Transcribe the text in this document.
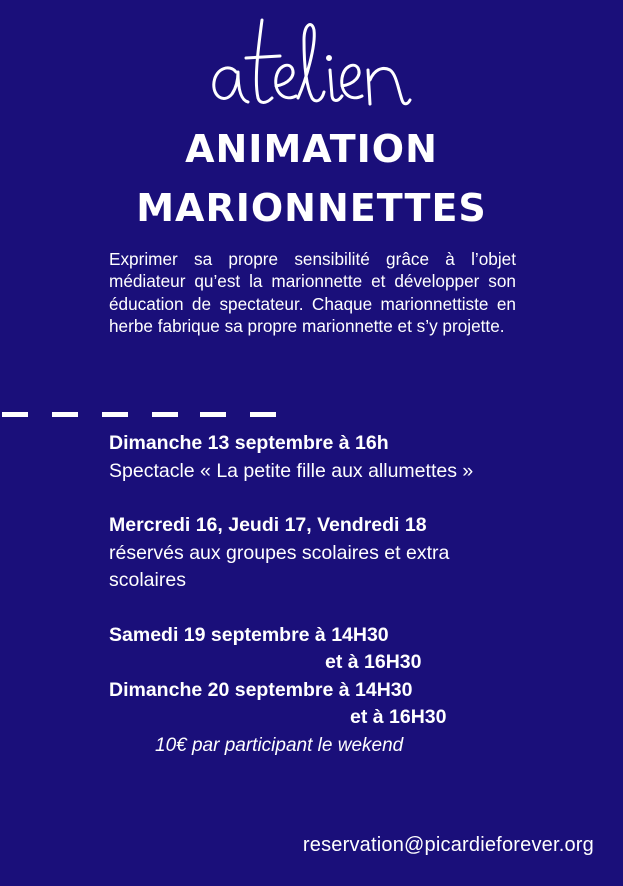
ANIMATION
MARIONNETTES
Exprimer sa propre sensibilité grâce à l’objet médiateur qu’est la marionnette et développer son éducation de spectateur. Chaque marionnettiste en herbe fabrique sa propre marionnette et s’y projette.
Dimanche 13 septembre à 16h
Spectacle « La petite fille aux allumettes »
Mercredi 16, Jeudi 17, Vendredi 18
réservés aux groupes scolaires et extra
scolaires
Samedi 19 septembre à 14H30
et à 16H30
Dimanche 20 septembre à 14H30
et à 16H30
10€ par participant le wekend
reservation@picardieforever.org
